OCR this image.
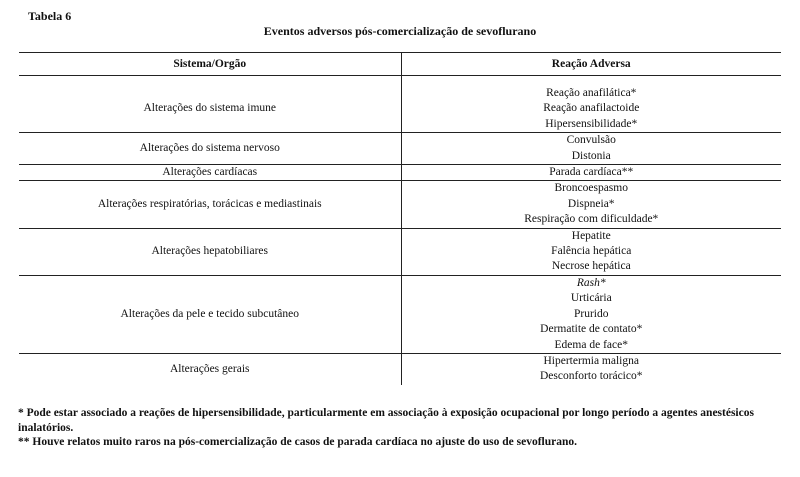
Tabela 6
Eventos adversos pós-comercialização de sevoflurano
Sistema/Orgão	Reação Adversa

Alterações do sistema imune	Reação anafilática*
Reação anafilactoide
Hipersensibilidade*

Alterações do sistema nervoso	Convulsão
Distonia

Alterações cardíacas	Parada cardíaca**

Alterações respiratórias, torácicas e mediastinais	Broncoespasmo
Dispneia*
Respiração com dificuldade*

Alterações hepatobiliares	Hepatite
Falência hepática
Necrose hepática

Alterações da pele e tecido subcutâneo	Rash*
Urticária
Prurido
Dermatite de contato*
Edema de face*

Alterações gerais	Hipertermia maligna
Desconforto torácico*

* Pode estar associado a reações de hipersensibilidade, particularmente em associação à exposição ocupacional por longo período a agentes anestésicos inalatórios.

** Houve relatos muito raros na pós-comercialização de casos de parada cardíaca no ajuste do uso de sevoflurano.
